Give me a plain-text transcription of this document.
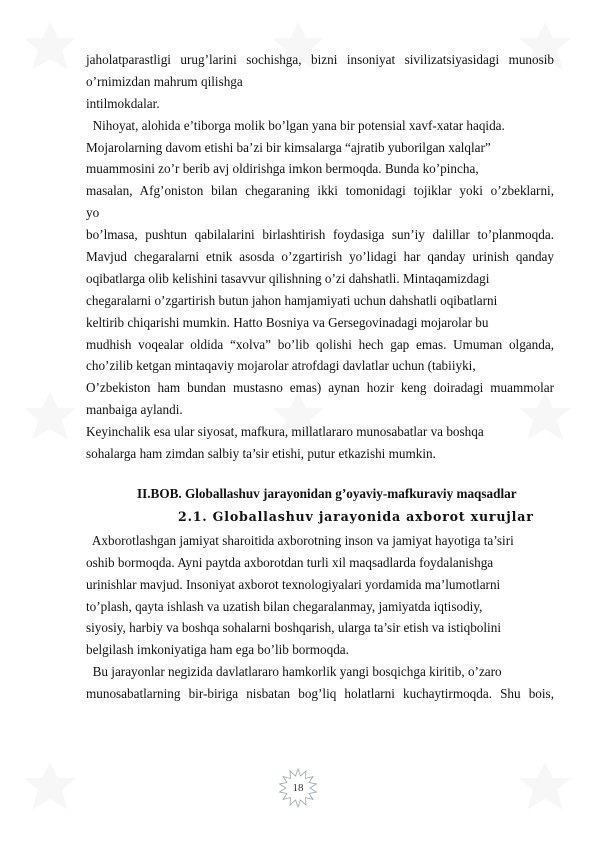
jaholatparastligi urug’larini sochishga, bizni insoniyat sivilizatsiyasidagi munosib
o’rnimizdan mahrum qilishga
intilmokdalar.
Nihoyat, alohida e’tiborga molik bo’lgan yana bir potensial xavf-xatar haqida.
Mojarolarning davom etishi ba’zi bir kimsalarga “ajratib yuborilgan xalqlar”
muammosini zo’r berib avj oldirishga imkon bermoqda. Bunda ko’pincha,
masalan, Afg’oniston bilan chegaraning ikki tomonidagi tojiklar yoki o’zbeklarni,
yo
bo’lmasa, pushtun qabilalarini birlashtirish foydasiga sun’iy dalillar to’planmoqda.
Mavjud chegaralarni etnik asosda o’zgartirish yo’lidagi har qanday urinish qanday
oqibatlarga olib kelishini tasavvur qilishning o’zi dahshatli. Mintaqamizdagi
chegaralarni o’zgartirish butun jahon hamjamiyati uchun dahshatli oqibatlarni
keltirib chiqarishi mumkin. Hatto Bosniya va Gersegovinadagi mojarolar bu
mudhish voqealar oldida “xolva” bo’lib qolishi hech gap emas. Umuman olganda,
cho’zilib ketgan mintaqaviy mojarolar atrofdagi davlatlar uchun (tabiiyki,
O’zbekiston ham bundan mustasno emas) aynan hozir keng doiradagi muammolar
manbaiga aylandi.
Keyinchalik esa ular siyosat, mafkura, millatlararo munosabatlar va boshqa
sohalarga ham zimdan salbiy ta’sir etishi, putur etkazishi mumkin.
II.BOB. Globallashuv jarayonidan g’oyaviy-mafkuraviy maqsadlar
2.1. Globallashuv jarayonida axborot xurujlar
Axborotlashgan jamiyat sharoitida axborotning inson va jamiyat hayotiga ta’siri
oshib bormoqda. Ayni paytda axborotdan turli xil maqsadlarda foydalanishga
urinishlar mavjud. Insoniyat axborot texnologiyalari yordamida ma’lumotlarni
to’plash, qayta ishlash va uzatish bilan chegaralanmay, jamiyatda iqtisodiy,
siyosiy, harbiy va boshqa sohalarni boshqarish, ularga ta’sir etish va istiqbolini
belgilash imkoniyatiga ham ega bo’lib bormoqda.
Bu jarayonlar negizida davlatlararo hamkorlik yangi bosqichga kiritib, o’zaro
munosabatlarning bir-biriga nisbatan bog’liq holatlarni kuchaytirmoqda. Shu bois,
18
